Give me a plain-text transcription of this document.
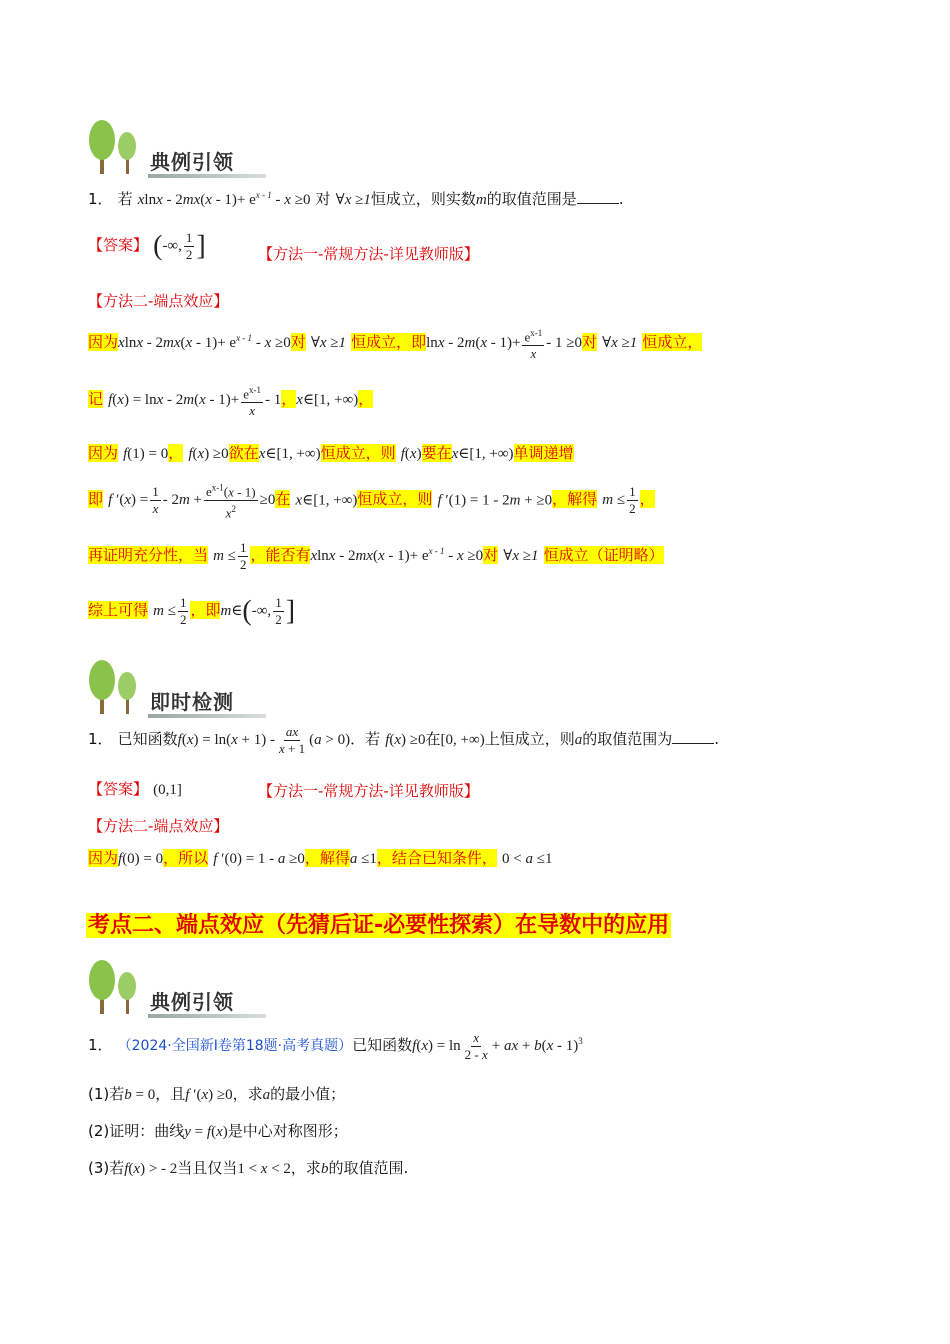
典例引领
1． 若 $xlnx - 2mx(x - 1)+ e^{x - 1} - x \ge 0$ 对 ∀x ≥1恒成立，则实数m的取值范围是	.
【答案】 (-∞, $\frac{1}{2}$ ]	【方法一-常规方法-详见教师版】
【方法二-端点效应】
因为$xlnx - 2mx(x - 1)+ e^{x - 1} - x \ge 0$对 ∀x ≥1 恒成立，即$\ln x - 2m(x - 1)+ \frac{e^{x-1}}{x} - 1 \ge 0$对 ∀x ≥1 恒成立，
记 $f(x) = \ln x - 2m(x - 1)+ \frac{e^{x-1}}{x} - 1$，x∈[1, +∞)，
因为 f(1) = 0， f(x) ≥0欲在x∈[1, +∞)恒成立，则 f(x)要在x∈[1, +∞)单调递增
即 f $'(x) = \frac{1}{x} - 2m + \frac{e^{x-1}(x - 1)}{x^2} \ge 0$在 x∈[1, +∞)恒成立，则 f ′(1) = 1 - 2m + ≥0，解得 $m \le \frac{1}{2}$ ，
再证明充分性，当 $m \le \frac{1}{2}$ ，能否有$xlnx - 2mx(x - 1)+ e^{x - 1} - x \ge 0$对 ∀x ≥1 恒成立（证明略）
综上可得 $m \le \frac{1}{2}$ ，即m∈(-∞, $\frac{1}{2}$ ]
即时检测
1． 已知函数$f(x) = \ln(x + 1) - \frac{ax}{x + 1} (a > 0)$．若 f(x) ≥0在[0, +∞)上恒成立，则a的取值范围为	.
【答案】 (0,1]	【方法一-常规方法-详见教师版】
【方法二-端点效应】
因为f(0) = 0，所以 f ′(0) = 1 - a ≥0，解得a ≤1，结合已知条件， 0 < a ≤1
考点二、端点效应（先猜后证-必要性探索）在导数中的应用
典例引领
1． （2024·全国新Ⅰ卷第18题·高考真题）已知函数$f(x) = \ln \frac{x}{2 - x}$ + ax + b(x - 1)$^3$
(1)若b = 0，且f ′(x) ≥0，求a的最小值；
(2)证明：曲线y = f(x)是中心对称图形；
(3)若f(x) > - 2当且仅当1 < x < 2，求b的取值范围.
